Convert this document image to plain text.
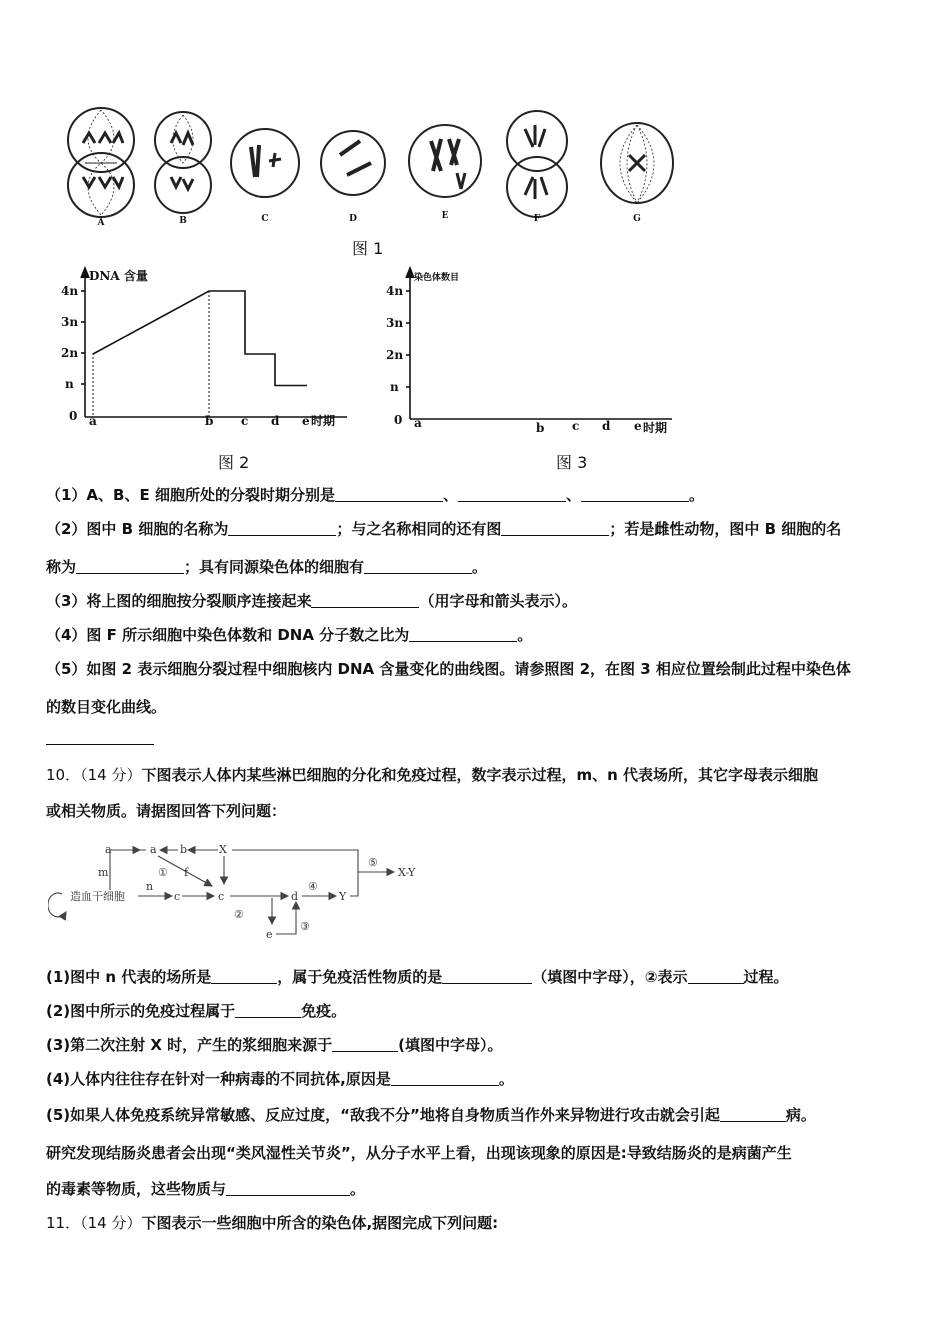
A	B	C	D	E	F	G
图 1
DNA 含量
4n
3n
2n
n
0 a	b c d e 时期
图 2
染色体数目
4n
3n
2n
n
0 a	b c d e 时期
图 3
（1）A、B、E 细胞所处的分裂时期分别是	、	、	。
（2）图中 B 细胞的名称为	；与之名称相同的还有图	；若是雌性动物，图中 B 细胞的名
称为	；具有同源染色体的细胞有	。
（3）将上图的细胞按分裂顺序连接起来	（用字母和箭头表示）。
（4）图 F 所示细胞中染色体数和 DNA 分子数之比为	。
（5）如图 2 表示细胞分裂过程中细胞核内 DNA 含量变化的曲线图。请参照图 2，在图 3 相应位置绘制此过程中染色体
的数目变化曲线。
10．（14 分）下图表示人体内某些淋巴细胞的分化和免疫过程，数字表示过程，m、n 代表场所，其它字母表示细胞
或相关物质。请据图回答下列问题：
造血干细胞
m
n
a	a b	X
f
①
c	c
②
d
④
Y
③
e
⑤
X-Y
(1)图中 n 代表的场所是	，属于免疫活性物质的是	（填图中字母），②表示	过程。
(2)图中所示的免疫过程属于	免疫。
(3)第二次注射 X 时，产生的浆细胞来源于	(填图中字母）。
(4)人体内往往存在针对一种病毒的不同抗体,原因是	。
(5)如果人体免疫系统异常敏感、反应过度，“敌我不分”地将自身物质当作外来异物进行攻击就会引起	病。
研究发现结肠炎患者会出现“类风湿性关节炎”，从分子水平上看，出现该现象的原因是:导致结肠炎的是病菌产生
的毒素等物质，这些物质与	。
11．（14 分）下图表示一些细胞中所含的染色体,据图完成下列问题:
